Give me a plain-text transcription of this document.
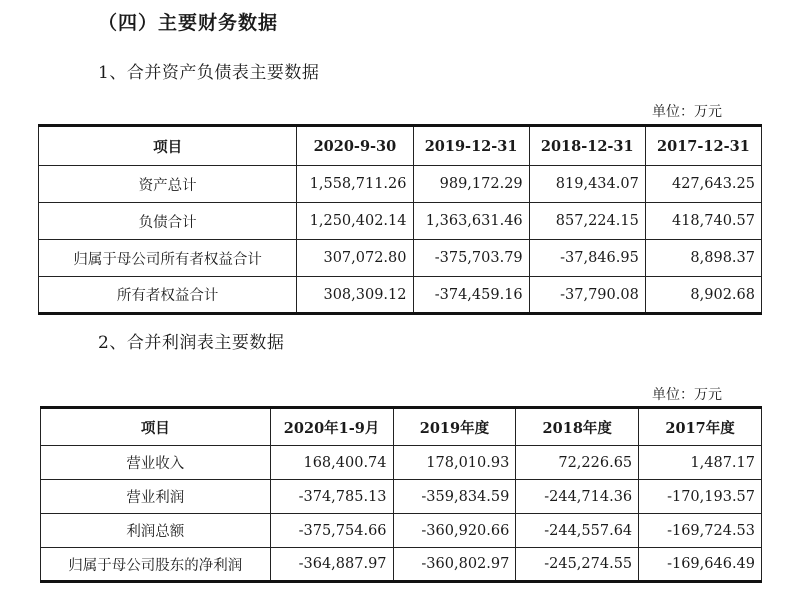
（四）主要财务数据
1、合并资产负债表主要数据
单位：万元
项目	2020-9-30	2019-12-31	2018-12-31	2017-12-31
资产总计	1,558,711.26	989,172.29	819,434.07	427,643.25
负债合计	1,250,402.14	1,363,631.46	857,224.15	418,740.57
归属于母公司所有者权益合计	307,072.80	-375,703.79	-37,846.95	8,898.37
所有者权益合计	308,309.12	-374,459.16	-37,790.08	8,902.68
2、合并利润表主要数据
单位：万元
项目	2020年1-9月	2019年度	2018年度	2017年度
营业收入	168,400.74	178,010.93	72,226.65	1,487.17
营业利润	-374,785.13	-359,834.59	-244,714.36	-170,193.57
利润总额	-375,754.66	-360,920.66	-244,557.64	-169,724.53
归属于母公司股东的净利润	-364,887.97	-360,802.97	-245,274.55	-169,646.49
